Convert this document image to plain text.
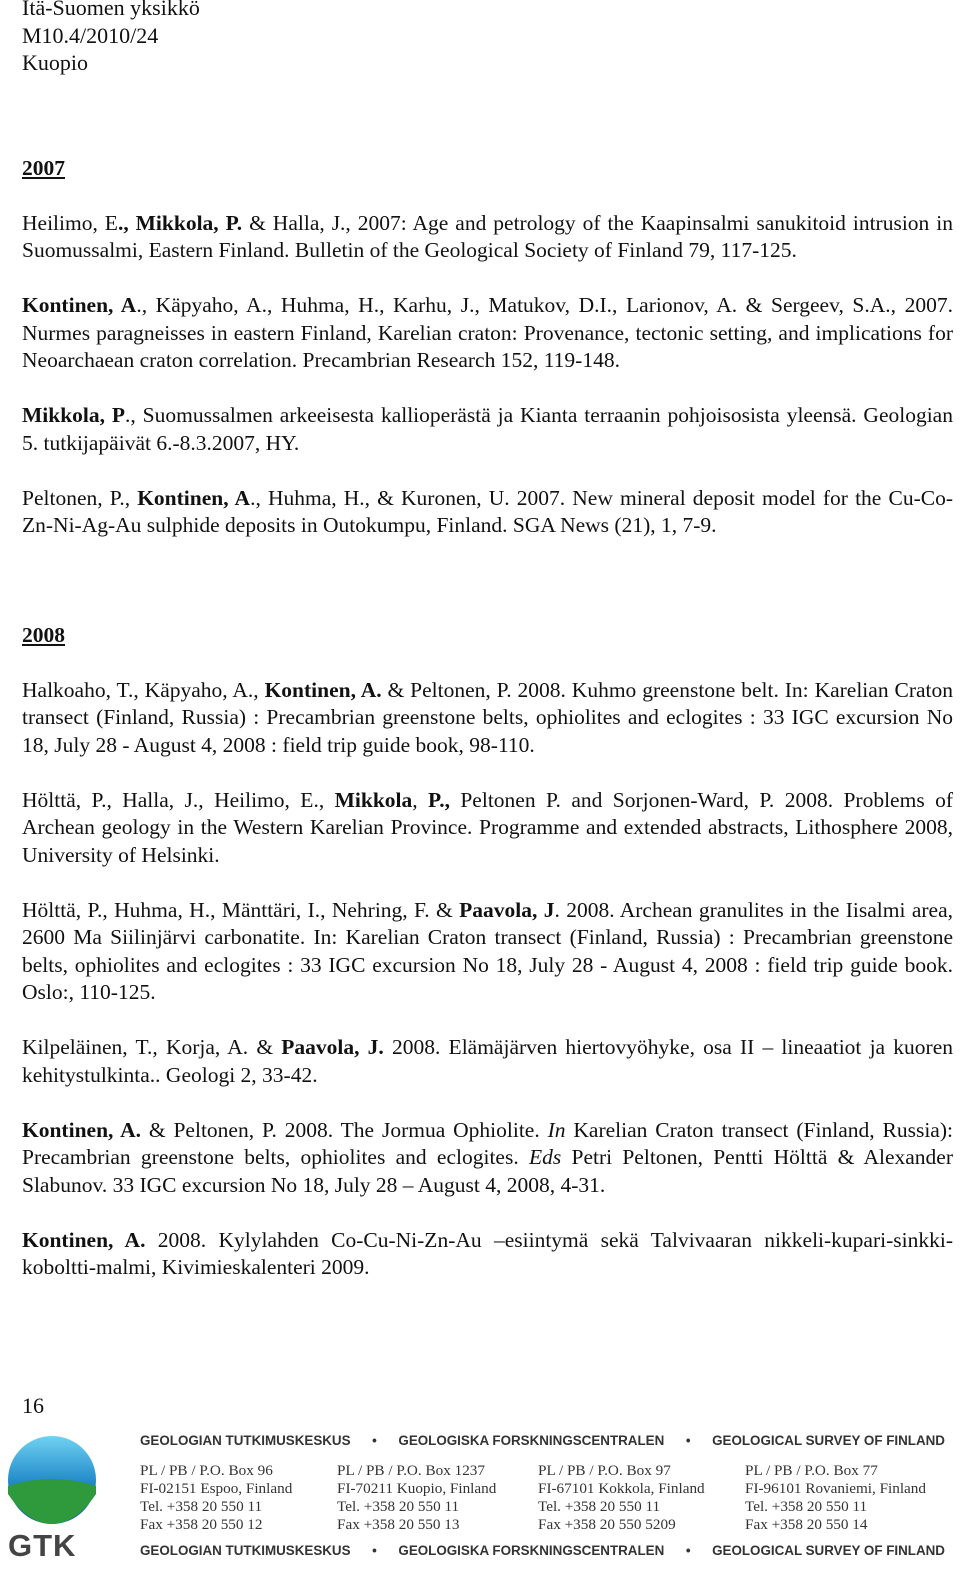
Itä-Suomen yksikkö
M10.4/2010/24
Kuopio
2007
Heilimo, E., Mikkola, P. & Halla, J., 2007: Age and petrology of the Kaapinsalmi sanukitoid intrusion in Suomussalmi, Eastern Finland. Bulletin of the Geological Society of Finland 79, 117-125.
Kontinen, A., Käpyaho, A., Huhma, H., Karhu, J., Matukov, D.I., Larionov, A. & Sergeev, S.A., 2007. Nurmes paragneisses in eastern Finland, Karelian craton: Provenance, tectonic setting, and implications for Neoarchaean craton correlation. Precambrian Research 152, 119-148.
Mikkola, P., Suomussalmen arkeeisesta kallioperästä ja Kianta terraanin pohjoisosista yleensä. Geologian 5. tutkijapäivät 6.-8.3.2007, HY.
Peltonen, P., Kontinen, A., Huhma, H., & Kuronen, U. 2007. New mineral deposit model for the Cu-Co-Zn-Ni-Ag-Au sulphide deposits in Outokumpu, Finland. SGA News (21), 1, 7-9.
2008
Halkoaho, T., Käpyaho, A., Kontinen, A. & Peltonen, P. 2008. Kuhmo greenstone belt. In: Karelian Craton transect (Finland, Russia) : Precambrian greenstone belts, ophiolites and eclogites : 33 IGC excursion No 18, July 28 - August 4, 2008 : field trip guide book, 98-110.
Hölttä, P., Halla, J., Heilimo, E., Mikkola, P., Peltonen P. and Sorjonen-Ward, P. 2008. Problems of Archean geology in the Western Karelian Province. Programme and extended abstracts, Lithosphere 2008, University of Helsinki.
Hölttä, P., Huhma, H., Mänttäri, I., Nehring, F. & Paavola, J. 2008. Archean granulites in the Iisalmi area, 2600 Ma Siilinjärvi carbonatite. In: Karelian Craton transect (Finland, Russia) : Precambrian greenstone belts, ophiolites and eclogites : 33 IGC excursion No 18, July 28 - August 4, 2008 : field trip guide book. Oslo:, 110-125.
Kilpeläinen, T., Korja, A. & Paavola, J. 2008. Elämäjärven hiertovyöhyke, osa II – lineaatiot ja kuoren kehitystulkinta.. Geologi 2, 33-42.
Kontinen, A. & Peltonen, P. 2008. The Jormua Ophiolite. In Karelian Craton transect (Finland, Russia): Precambrian greenstone belts, ophiolites and eclogites. Eds Petri Peltonen, Pentti Hölttä & Alexander Slabunov. 33 IGC excursion No 18, July 28 – August 4, 2008, 4-31.
Kontinen, A. 2008. Kylylahden Co-Cu-Ni-Zn-Au –esiintymä sekä Talvivaaran nikkeli-kupari-sinkki-koboltti-malmi, Kivimieskalenteri 2009.
16
GTK
GEOLOGIAN TUTKIMUSKESKUS • GEOLOGISKA FORSKNINGSCENTRALEN • GEOLOGICAL SURVEY OF FINLAND
PL / PB / P.O. Box 96
FI-02151 Espoo, Finland
Tel. +358 20 550 11
Fax +358 20 550 12
PL / PB / P.O. Box 1237
FI-70211 Kuopio, Finland
Tel. +358 20 550 11
Fax +358 20 550 13
PL / PB / P.O. Box 97
FI-67101 Kokkola, Finland
Tel. +358 20 550 11
Fax +358 20 550 5209
PL / PB / P.O. Box 77
FI-96101 Rovaniemi, Finland
Tel. +358 20 550 11
Fax +358 20 550 14
GEOLOGIAN TUTKIMUSKESKUS • GEOLOGISKA FORSKNINGSCENTRALEN • GEOLOGICAL SURVEY OF FINLAND
